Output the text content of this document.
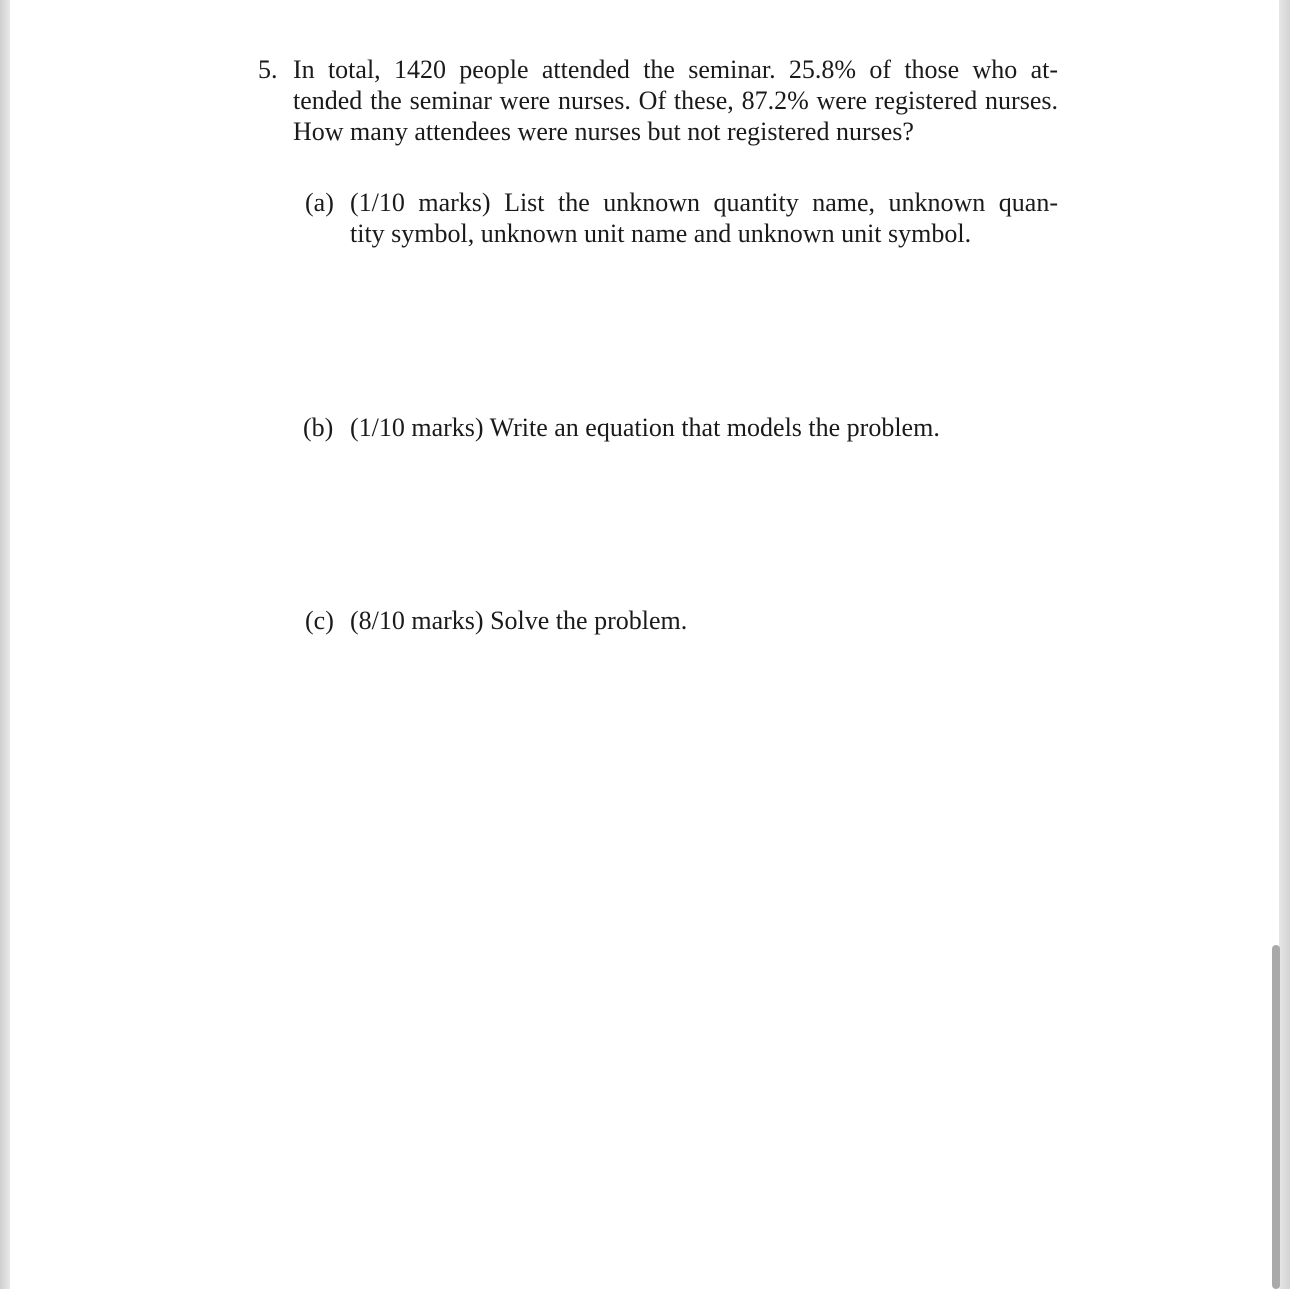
5. In total, 1420 people attended the seminar. 25.8% of those who at-
tended the seminar were nurses. Of these, 87.2% were registered nurses.
How many attendees were nurses but not registered nurses?
(a) (1/10 marks) List the unknown quantity name, unknown quan-
tity symbol, unknown unit name and unknown unit symbol.
(b) (1/10 marks) Write an equation that models the problem.
(c) (8/10 marks) Solve the problem.
